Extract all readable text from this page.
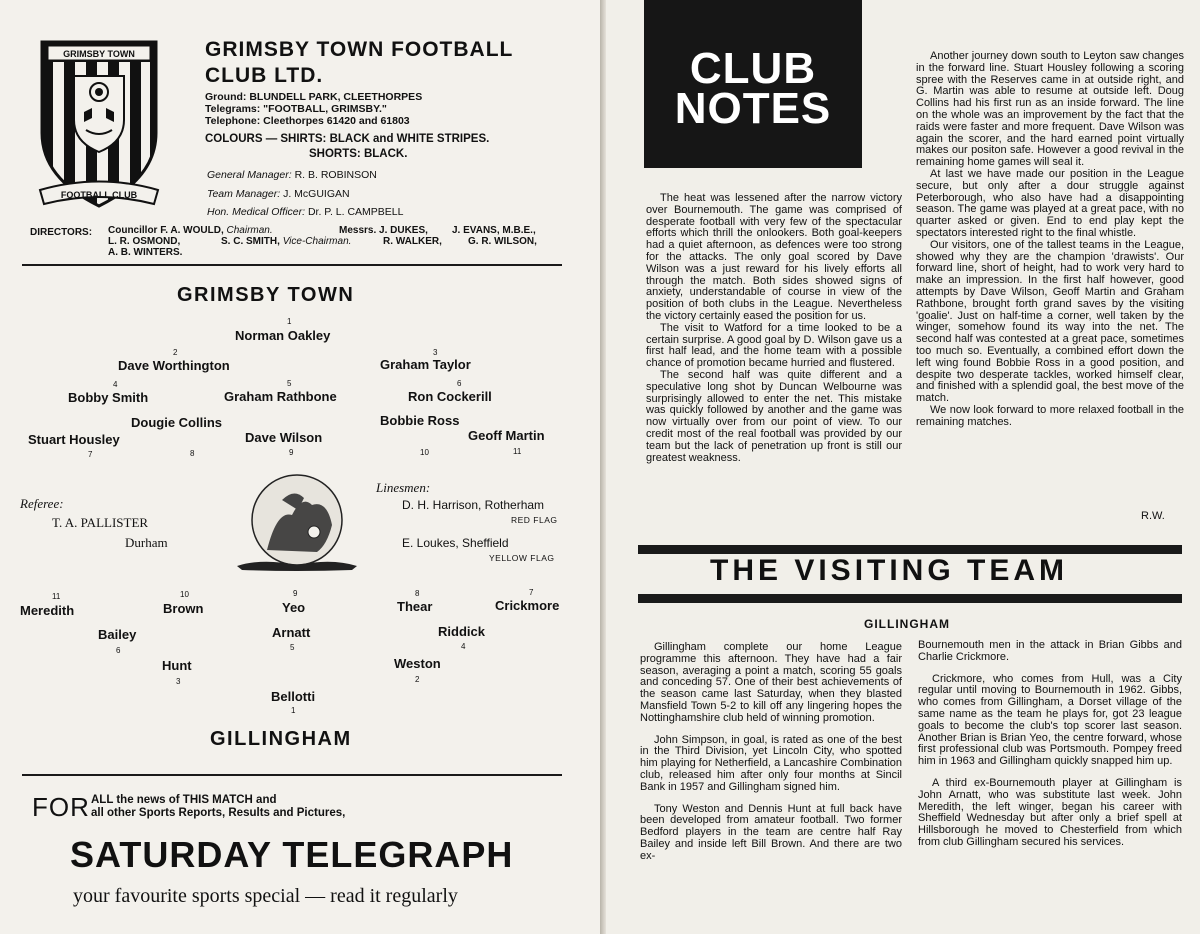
GRIMSBY TOWN
FOOTBALL CLUB
GRIMSBY TOWN FOOTBALL
CLUB LTD.
Ground: BLUNDELL PARK, CLEETHORPES
Telegrams: "FOOTBALL, GRIMSBY."
Telephone: Cleethorpes 61420 and 61803
COLOURS — SHIRTS: BLACK and WHITE STRIPES.
SHORTS: BLACK.
General Manager: R. B. ROBINSON
Team Manager: J. McGUIGAN
Hon. Medical Officer: Dr. P. L. CAMPBELL
DIRECTORS: Councillor F. A. WOULD, Chairman.	Messrs. J. DUKES, J. EVANS, M.B.E.,
L. R. OSMOND,	S. C. SMITH, Vice-Chairman.	R. WALKER,	G. R. WILSON,
A. B. WINTERS.
GRIMSBY TOWN
1
Norman Oakley
2
Dave Worthington
3
Graham Taylor
4
Bobby Smith
5
Graham Rathbone
6
Ron Cockerill
Dougie Collins	Bobbie Ross
Stuart Housley	Dave Wilson	Geoff Martin
7	8	9	10	11
Referee:
T. A. PALLISTER
Durham
Linesmen:
D. H. Harrison, Rotherham
RED FLAG
E. Loukes, Sheffield
YELLOW FLAG
11	10	9	8	7
Meredith	Brown	Yeo	Thear	Crickmore
Bailey	Arnatt	Riddick
6	5	4
Hunt	Weston
3	2
Bellotti
1
GILLINGHAM
FOR ALL the news of THIS MATCH and
all other Sports Reports, Results and Pictures,
SATURDAY TELEGRAPH
your favourite sports special — read it regularly
CLUB
NOTES

The heat was lessened after the narrow victory over Bournemouth. The game was comprised of desperate football with very few of the spectacular efforts which thrill the onlookers. Both goal-keepers had a quiet afternoon, as defences were too strong for the attacks. The only goal scored by Dave Wilson was a just reward for his lively efforts all through the match. Both sides showed signs of anxiety, understandable of course in view of the position of both clubs in the League. Nevertheless the victory certainly eased the position for us.

The visit to Watford for a time looked to be a certain surprise. A good goal by D. Wilson gave us a first half lead, and the home team with a possible chance of promotion became hurried and flustered.

The second half was quite different and a speculative long shot by Duncan Welbourne was surprisingly allowed to enter the net. This mistake was quickly followed by another and the game was now virtually over from our point of view. To our credit most of the real football was provided by our team but the lack of penetration up front is still our greatest weakness.

Another journey down south to Leyton saw changes in the forward line. Stuart Housley following a scoring spree with the Reserves came in at outside right, and G. Martin was able to resume at outside left. Doug Collins had his first run as an inside forward. The line on the whole was an improvement by the fact that the raids were faster and more frequent. Dave Wilson was again the scorer, and the hard earned point virtually makes our positon safe. However a good revival in the remaining home games will seal it.

At last we have made our position in the League secure, but only after a dour struggle against Peterborough, who also have had a disappointing season. The game was played at a great pace, with no quarter asked or given. End to end play kept the spectators interested right to the final whistle.

Our visitors, one of the tallest teams in the League, showed why they are the champion 'drawists'. Our forward line, short of height, had to work very hard to make an impression. In the first half however, good attempts by Dave Wilson, Geoff Martin and Graham Rathbone, brought forth grand saves by the visiting 'goalie'. Just on half-time a corner, well taken by the winger, somehow found its way into the net. The second half was contested at a great pace, sometimes too much so. Eventually, a combined effort down the left wing found Bobbie Ross in a good position, and despite two desperate tackles, worked himself clear, and finished with a splendid goal, the best move of the match.

We now look forward to more relaxed football in the remaining matches.

R.W.
THE VISITING TEAM
GILLINGHAM

Gillingham complete our home League programme this afternoon. They have had a fair season, averaging a point a match, scoring 55 goals and conceding 57. One of their best achievements of the season came last Saturday, when they blasted Mansfield Town 5-2 to kill off any lingering hopes the Nottinghamshire club held of winning promotion.

John Simpson, in goal, is rated as one of the best in the Third Division, yet Lincoln City, who spotted him playing for Netherfield, a Lancashire Combination club, released him after only four months at Sincil Bank in 1957 and Gillingham signed him.

Tony Weston and Dennis Hunt at full back have been developed from amateur football. Two former Bedford players in the team are centre half Ray Bailey and inside left Bill Brown. And there are two ex-

Bournemouth men in the attack in Brian Gibbs and Charlie Crickmore.

Crickmore, who comes from Hull, was a City regular until moving to Bournemouth in 1962. Gibbs, who comes from Gillingham, a Dorset village of the same name as the team he plays for, got 23 league goals to become the club's top scorer last season. Another Brian is Brian Yeo, the centre forward, whose first professional club was Portsmouth. Pompey freed him in 1963 and Gillingham quickly snapped him up.

A third ex-Bournemouth player at Gillingham is John Arnatt, who was substitute last week. John Meredith, the left winger, began his career with Sheffield Wednesday but after only a brief spell at Hillsborough he moved to Chesterfield from which from club Gillingham secured his services.
